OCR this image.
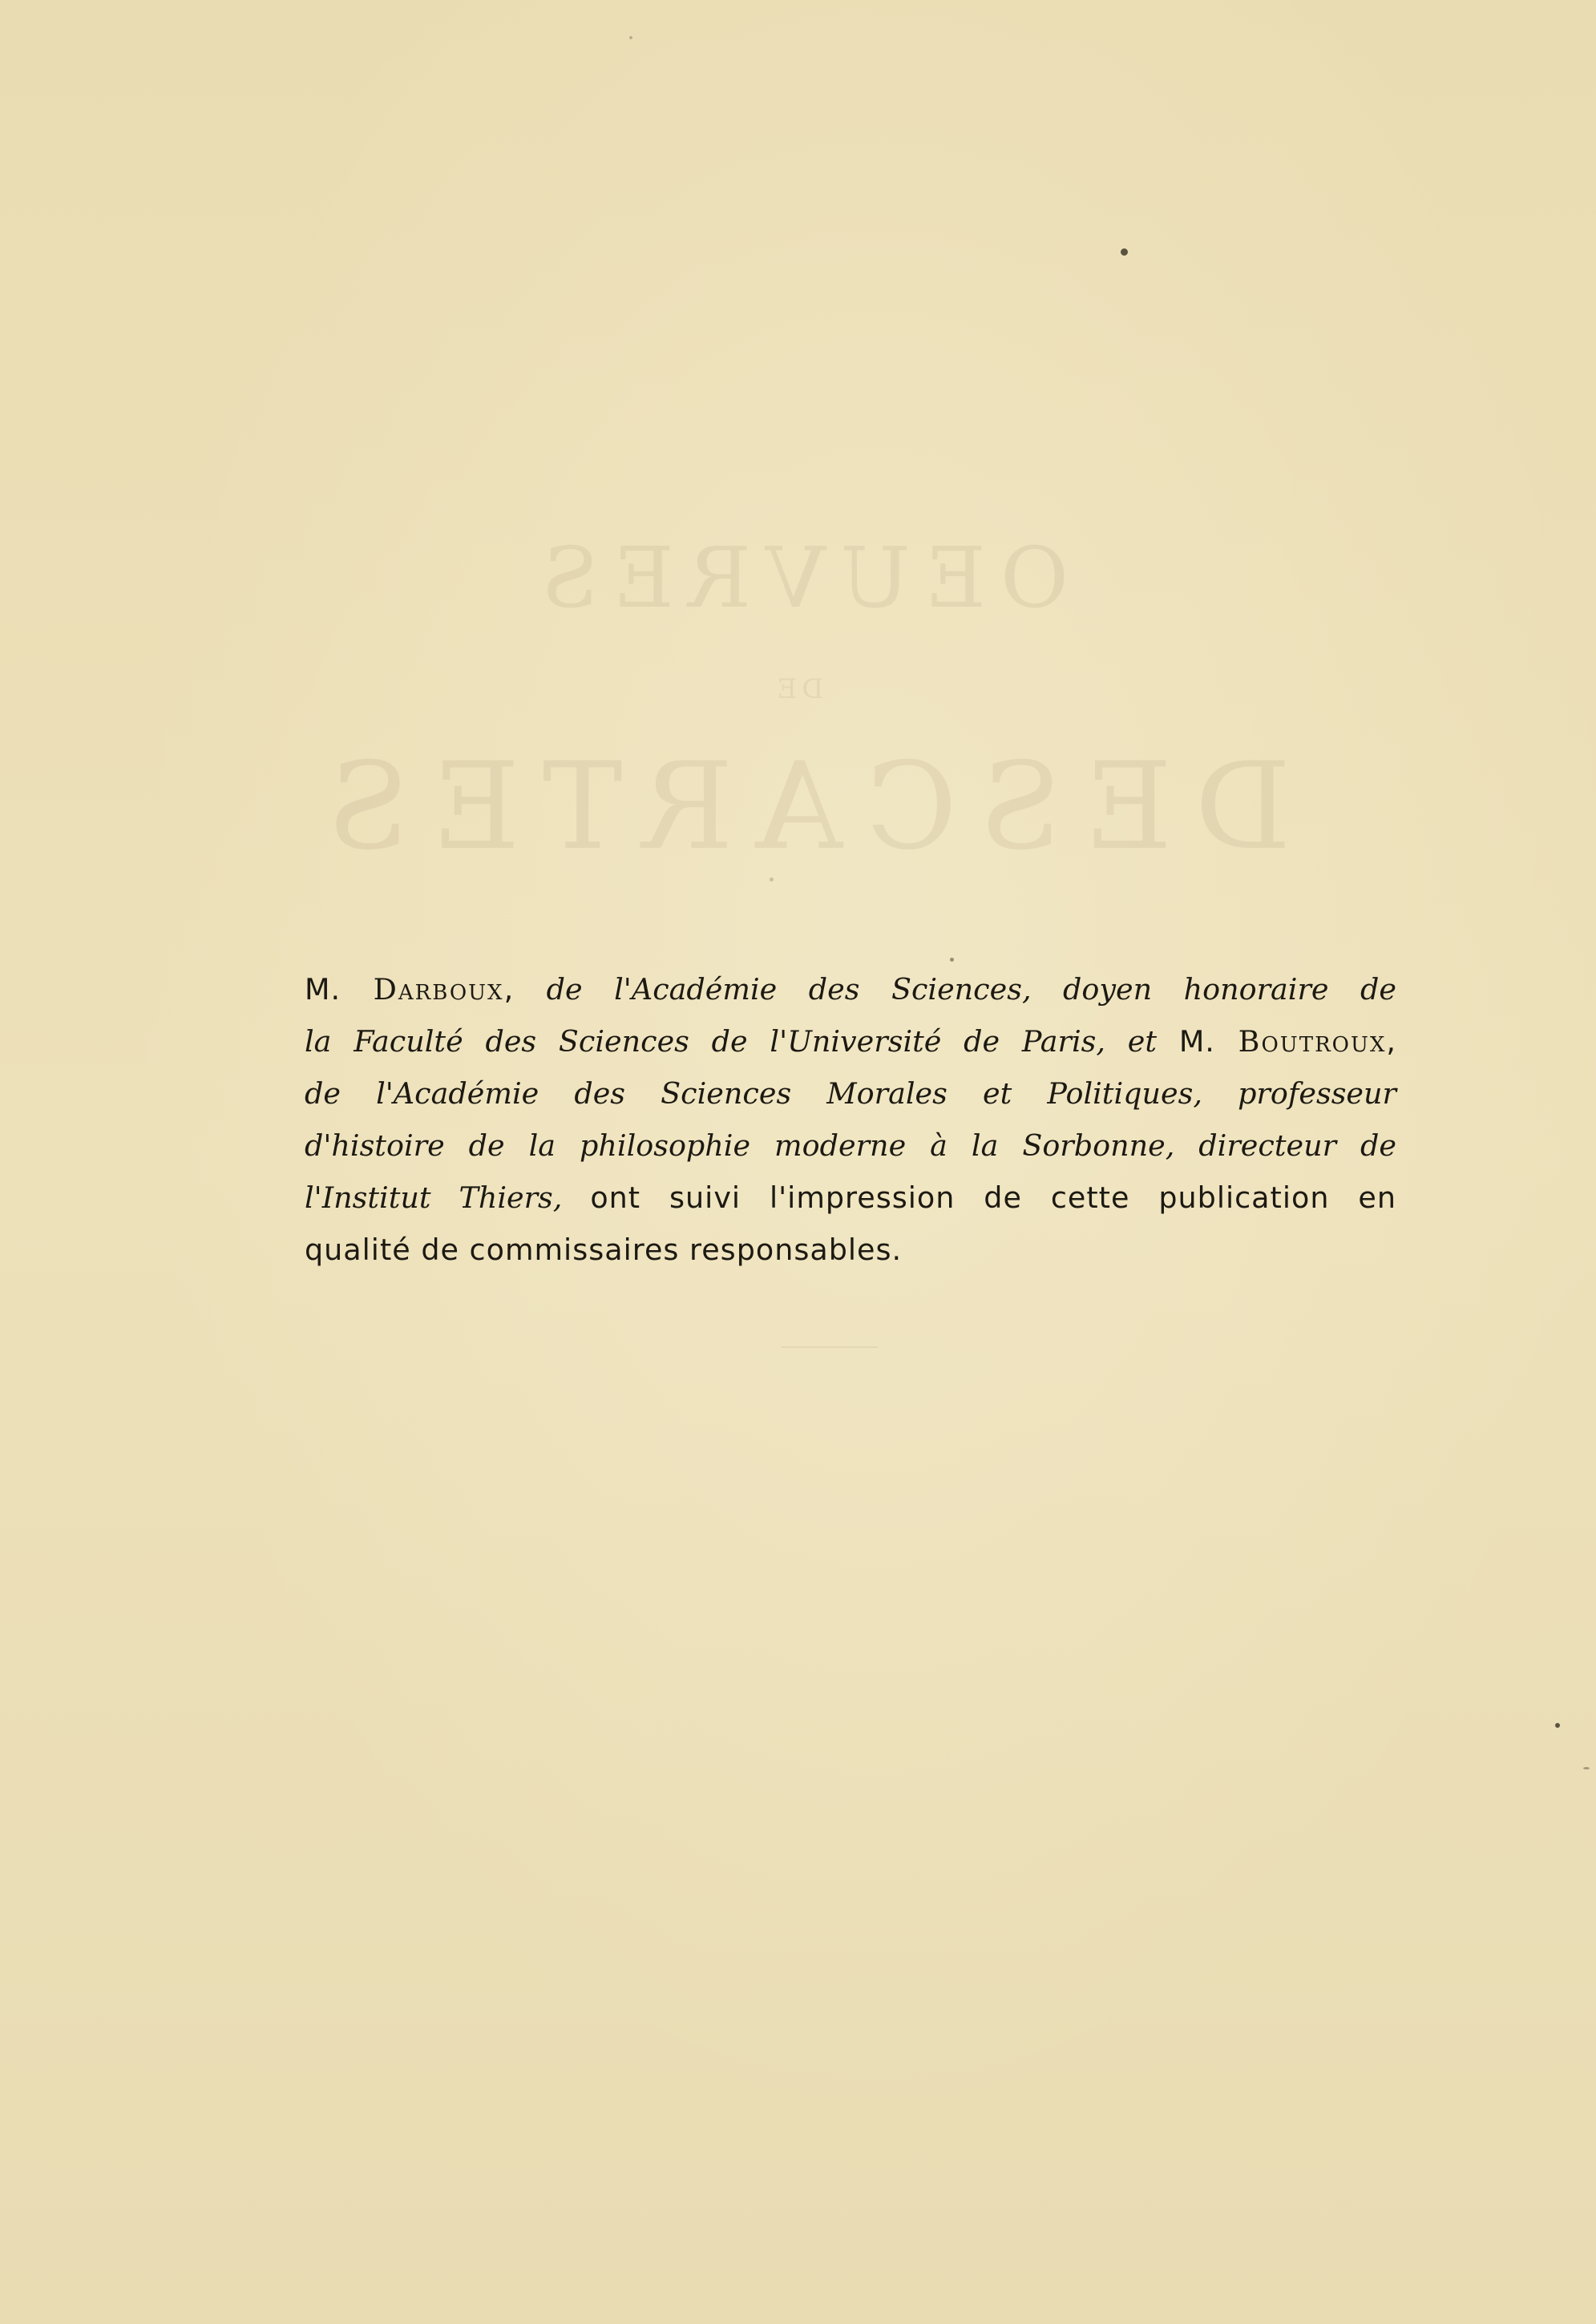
OEUVRES
DE
DESCARTES
M. Darboux, de l'Académie des Sciences, doyen honoraire de
la Faculté des Sciences de l'Université de Paris, et M. Boutroux,
de l'Académie des Sciences Morales et Politiques, professeur
d'histoire de la philosophie moderne à la Sorbonne, directeur de
l'Institut Thiers, ont suivi l'impression de cette publication en
qualité de commissaires responsables.
